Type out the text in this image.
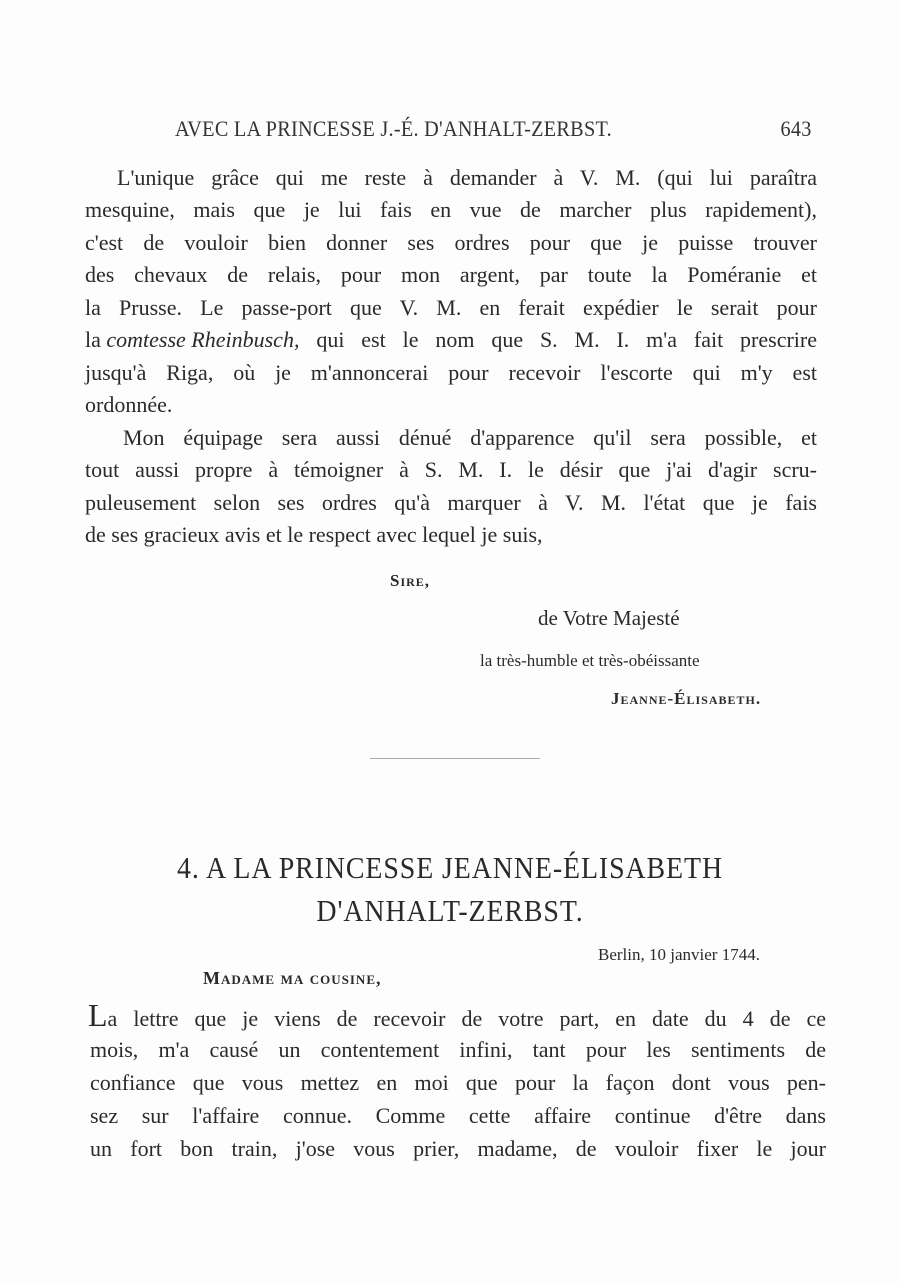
AVEC LA PRINCESSE J.-É. D'ANHALT-ZERBST.	643
L'unique grâce qui me reste à demander à V. M. (qui lui paraîtra
mesquine, mais que je lui fais en vue de marcher plus rapidement),
c'est de vouloir bien donner ses ordres pour que je puisse trouver
des chevaux de relais, pour mon argent, par toute la Poméranie et
la Prusse. Le passe-port que V. M. en ferait expédier le serait pour
la comtesse Rheinbusch, qui est le nom que S. M. I. m'a fait prescrire
jusqu'à Riga, où je m'annoncerai pour recevoir l'escorte qui m'y est
ordonnée.
Mon équipage sera aussi dénué d'apparence qu'il sera possible, et
tout aussi propre à témoigner à S. M. I. le désir que j'ai d'agir scru-
puleusement selon ses ordres qu'à marquer à V. M. l'état que je fais
de ses gracieux avis et le respect avec lequel je suis,
Sire,
de Votre Majesté
la très-humble et très-obéissante
Jeanne-Élisabeth.
4. A LA PRINCESSE JEANNE-ÉLISABETH
D'ANHALT-ZERBST.
Berlin, 10 janvier 1744.
Madame ma cousine,
L a lettre que je viens de recevoir de votre part, en date du 4 de ce
mois, m'a causé un contentement infini, tant pour les sentiments de
confiance que vous mettez en moi que pour la façon dont vous pen-
sez sur l'affaire connue. Comme cette affaire continue d'être dans
un fort bon train, j'ose vous prier, madame, de vouloir fixer le jour
